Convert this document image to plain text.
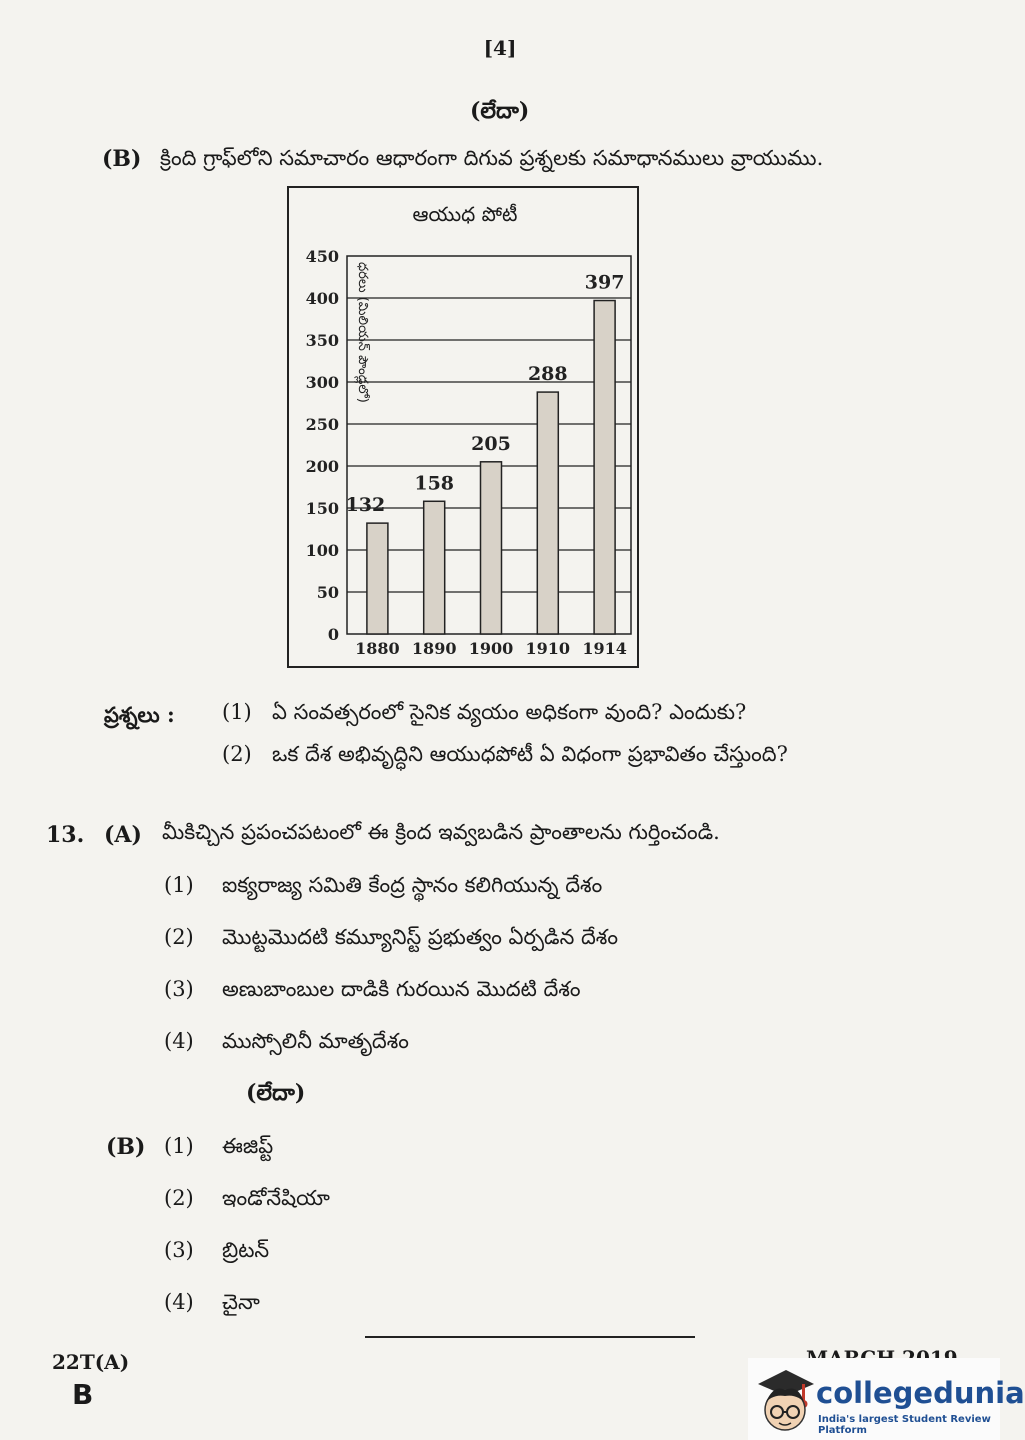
[4]
(లేదా)
(B) క్రింది గ్రాఫ్‌లోని సమాచారం ఆధారంగా దిగువ ప్రశ్నలకు సమాధానములు వ్రాయుము.
ఆయుధ పోటీ
0
50
100
150
200
250
300
350
400
450
ధరలు (మిలియన్ పౌండ్లలో)
132
1880
158
1890
205
1900
288
1910
397
1914
ప్రశ్నలు : (1) ఏ సంవత్సరంలో సైనిక వ్యయం అధికంగా వుంది? ఎందుకు?
(2) ఒక దేశ అభివృద్ధిని ఆయుధపోటీ ఏ విధంగా ప్రభావితం చేస్తుంది?
13. (A) మీకిచ్చిన ప్రపంచపటంలో ఈ క్రింద ఇవ్వబడిన ప్రాంతాలను గుర్తించండి.
(1) ఐక్యరాజ్య సమితి కేంద్ర స్థానం కలిగియున్న దేశం
(2) మొట్టమొదటి కమ్యూనిస్ట్ ప్రభుత్వం ఏర్పడిన దేశం
(3) అణుబాంబుల దాడికి గురయిన మొదటి దేశం
(4) ముస్సోలినీ మాతృదేశం
(లేదా)
(B) (1) ఈజిప్ట్
(2) ఇండోనేషియా
(3) బ్రిటన్
(4) చైనా
22T(A)
B	collegedunia
India's largest Student Review Platform
